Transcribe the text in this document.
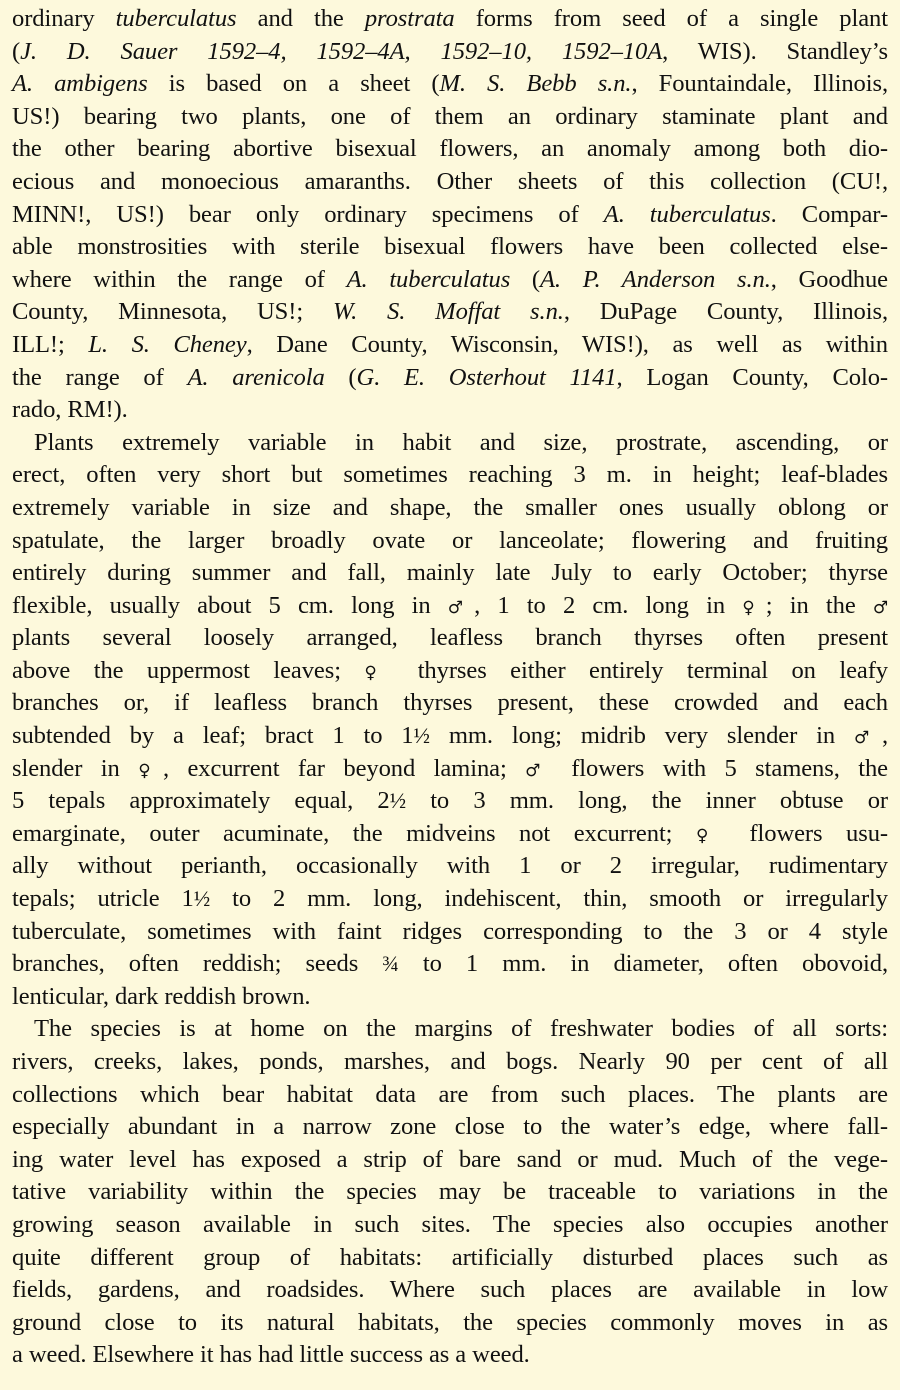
ordinary tuberculatus and the prostrata forms from seed of a single plant
(J. D. Sauer 1592–4, 1592–4A, 1592–10, 1592–10A, WIS). Standley’s
A. ambigens is based on a sheet (M. S. Bebb s.n., Fountaindale, Illinois,
US!) bearing two plants, one of them an ordinary staminate plant and
the other bearing abortive bisexual flowers, an anomaly among both dio-
ecious and monoecious amaranths. Other sheets of this collection (CU!,
MINN!, US!) bear only ordinary specimens of A. tuberculatus. Compar-
able monstrosities with sterile bisexual flowers have been collected else-
where within the range of A. tuberculatus (A. P. Anderson s.n., Goodhue
County, Minnesota, US!; W. S. Moffat s.n., DuPage County, Illinois,
ILL!; L. S. Cheney, Dane County, Wisconsin, WIS!), as well as within
the range of A. arenicola (G. E. Osterhout 1141, Logan County, Colo-
rado, RM!).
Plants extremely variable in habit and size, prostrate, ascending, or
erect, often very short but sometimes reaching 3 m. in height; leaf-blades
extremely variable in size and shape, the smaller ones usually oblong or
spatulate, the larger broadly ovate or lanceolate; flowering and fruiting
entirely during summer and fall, mainly late July to early October; thyrse
flexible, usually about 5 cm. long in ♂, 1 to 2 cm. long in ♀; in the ♂
plants several loosely arranged, leafless branch thyrses often present
above the uppermost leaves; ♀ thyrses either entirely terminal on leafy
branches or, if leafless branch thyrses present, these crowded and each
subtended by a leaf; bract 1 to 1½ mm. long; midrib very slender in ♂,
slender in ♀, excurrent far beyond lamina; ♂ flowers with 5 stamens, the
5 tepals approximately equal, 2½ to 3 mm. long, the inner obtuse or
emarginate, outer acuminate, the midveins not excurrent; ♀ flowers usu-
ally without perianth, occasionally with 1 or 2 irregular, rudimentary
tepals; utricle 1½ to 2 mm. long, indehiscent, thin, smooth or irregularly
tuberculate, sometimes with faint ridges corresponding to the 3 or 4 style
branches, often reddish; seeds ¾ to 1 mm. in diameter, often obovoid,
lenticular, dark reddish brown.
The species is at home on the margins of freshwater bodies of all sorts:
rivers, creeks, lakes, ponds, marshes, and bogs. Nearly 90 per cent of all
collections which bear habitat data are from such places. The plants are
especially abundant in a narrow zone close to the water’s edge, where fall-
ing water level has exposed a strip of bare sand or mud. Much of the vege-
tative variability within the species may be traceable to variations in the
growing season available in such sites. The species also occupies another
quite different group of habitats: artificially disturbed places such as
fields, gardens, and roadsides. Where such places are available in low
ground close to its natural habitats, the species commonly moves in as
a weed. Elsewhere it has had little success as a weed.
